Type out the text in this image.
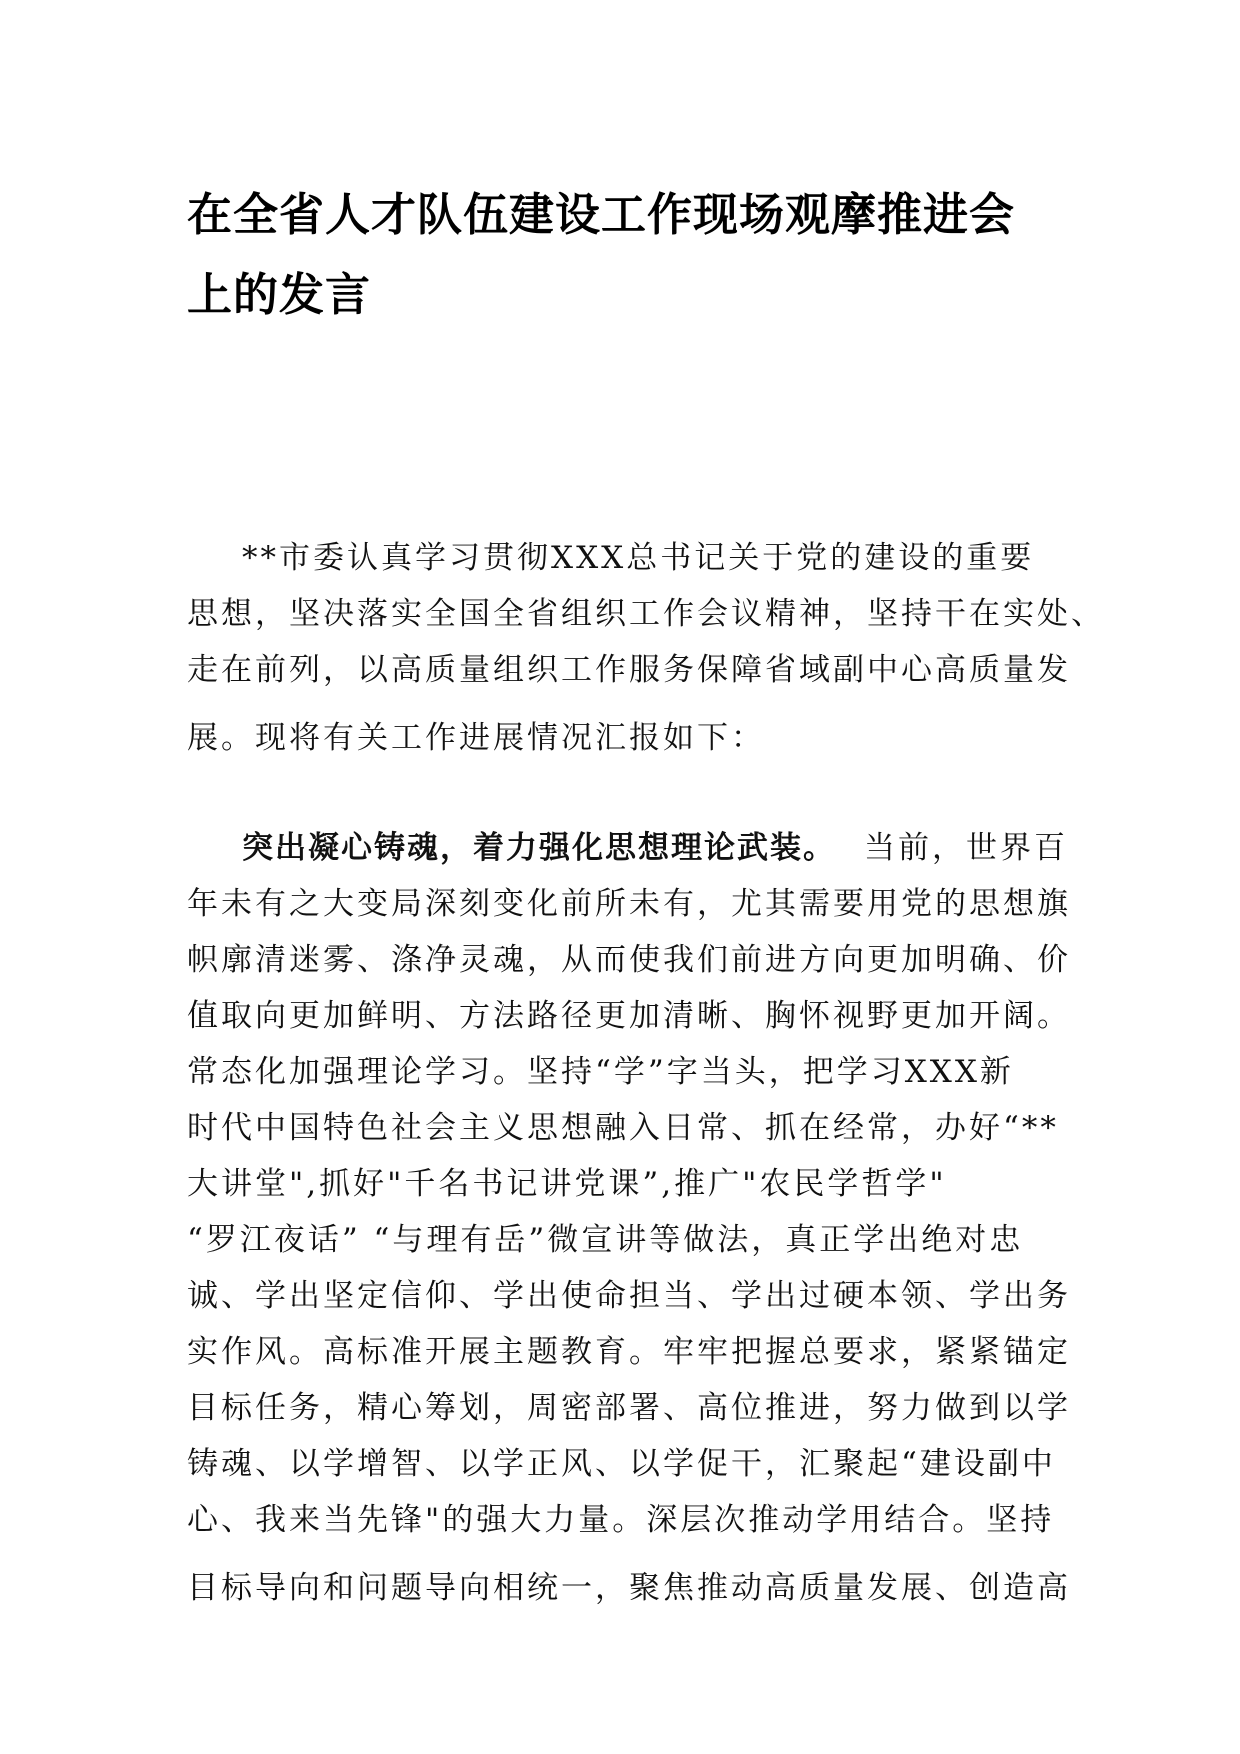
在全省人才队伍建设工作现场观摩推进会
上的发言
**市委认真学习贯彻XXX总书记关于党的建设的重要
思想，坚决落实全国全省组织工作会议精神，坚持干在实处、
走在前列，以高质量组织工作服务保障省域副中心高质量发
展。现将有关工作进展情况汇报如下：
突出凝心铸魂，着力强化思想理论武装。 当前，世界百
年未有之大变局深刻变化前所未有，尤其需要用党的思想旗
帜廓清迷雾、涤净灵魂，从而使我们前进方向更加明确、价
值取向更加鲜明、方法路径更加清晰、胸怀视野更加开阔。
常态化加强理论学习。坚持“学”字当头，把学习XXX新
时代中国特色社会主义思想融入日常、抓在经常，办好“**
大讲堂",抓好"千名书记讲党课”,推广"农民学哲学"
“罗江夜话” “与理有岳”微宣讲等做法，真正学出绝对忠
诚、学出坚定信仰、学出使命担当、学出过硬本领、学出务
实作风。高标准开展主题教育。牢牢把握总要求，紧紧锚定
目标任务，精心筹划，周密部署、高位推进，努力做到以学
铸魂、以学增智、以学正风、以学促干，汇聚起“建设副中
心、我来当先锋"的强大力量。深层次推动学用结合。坚持
目标导向和问题导向相统一，聚焦推动高质量发展、创造高
